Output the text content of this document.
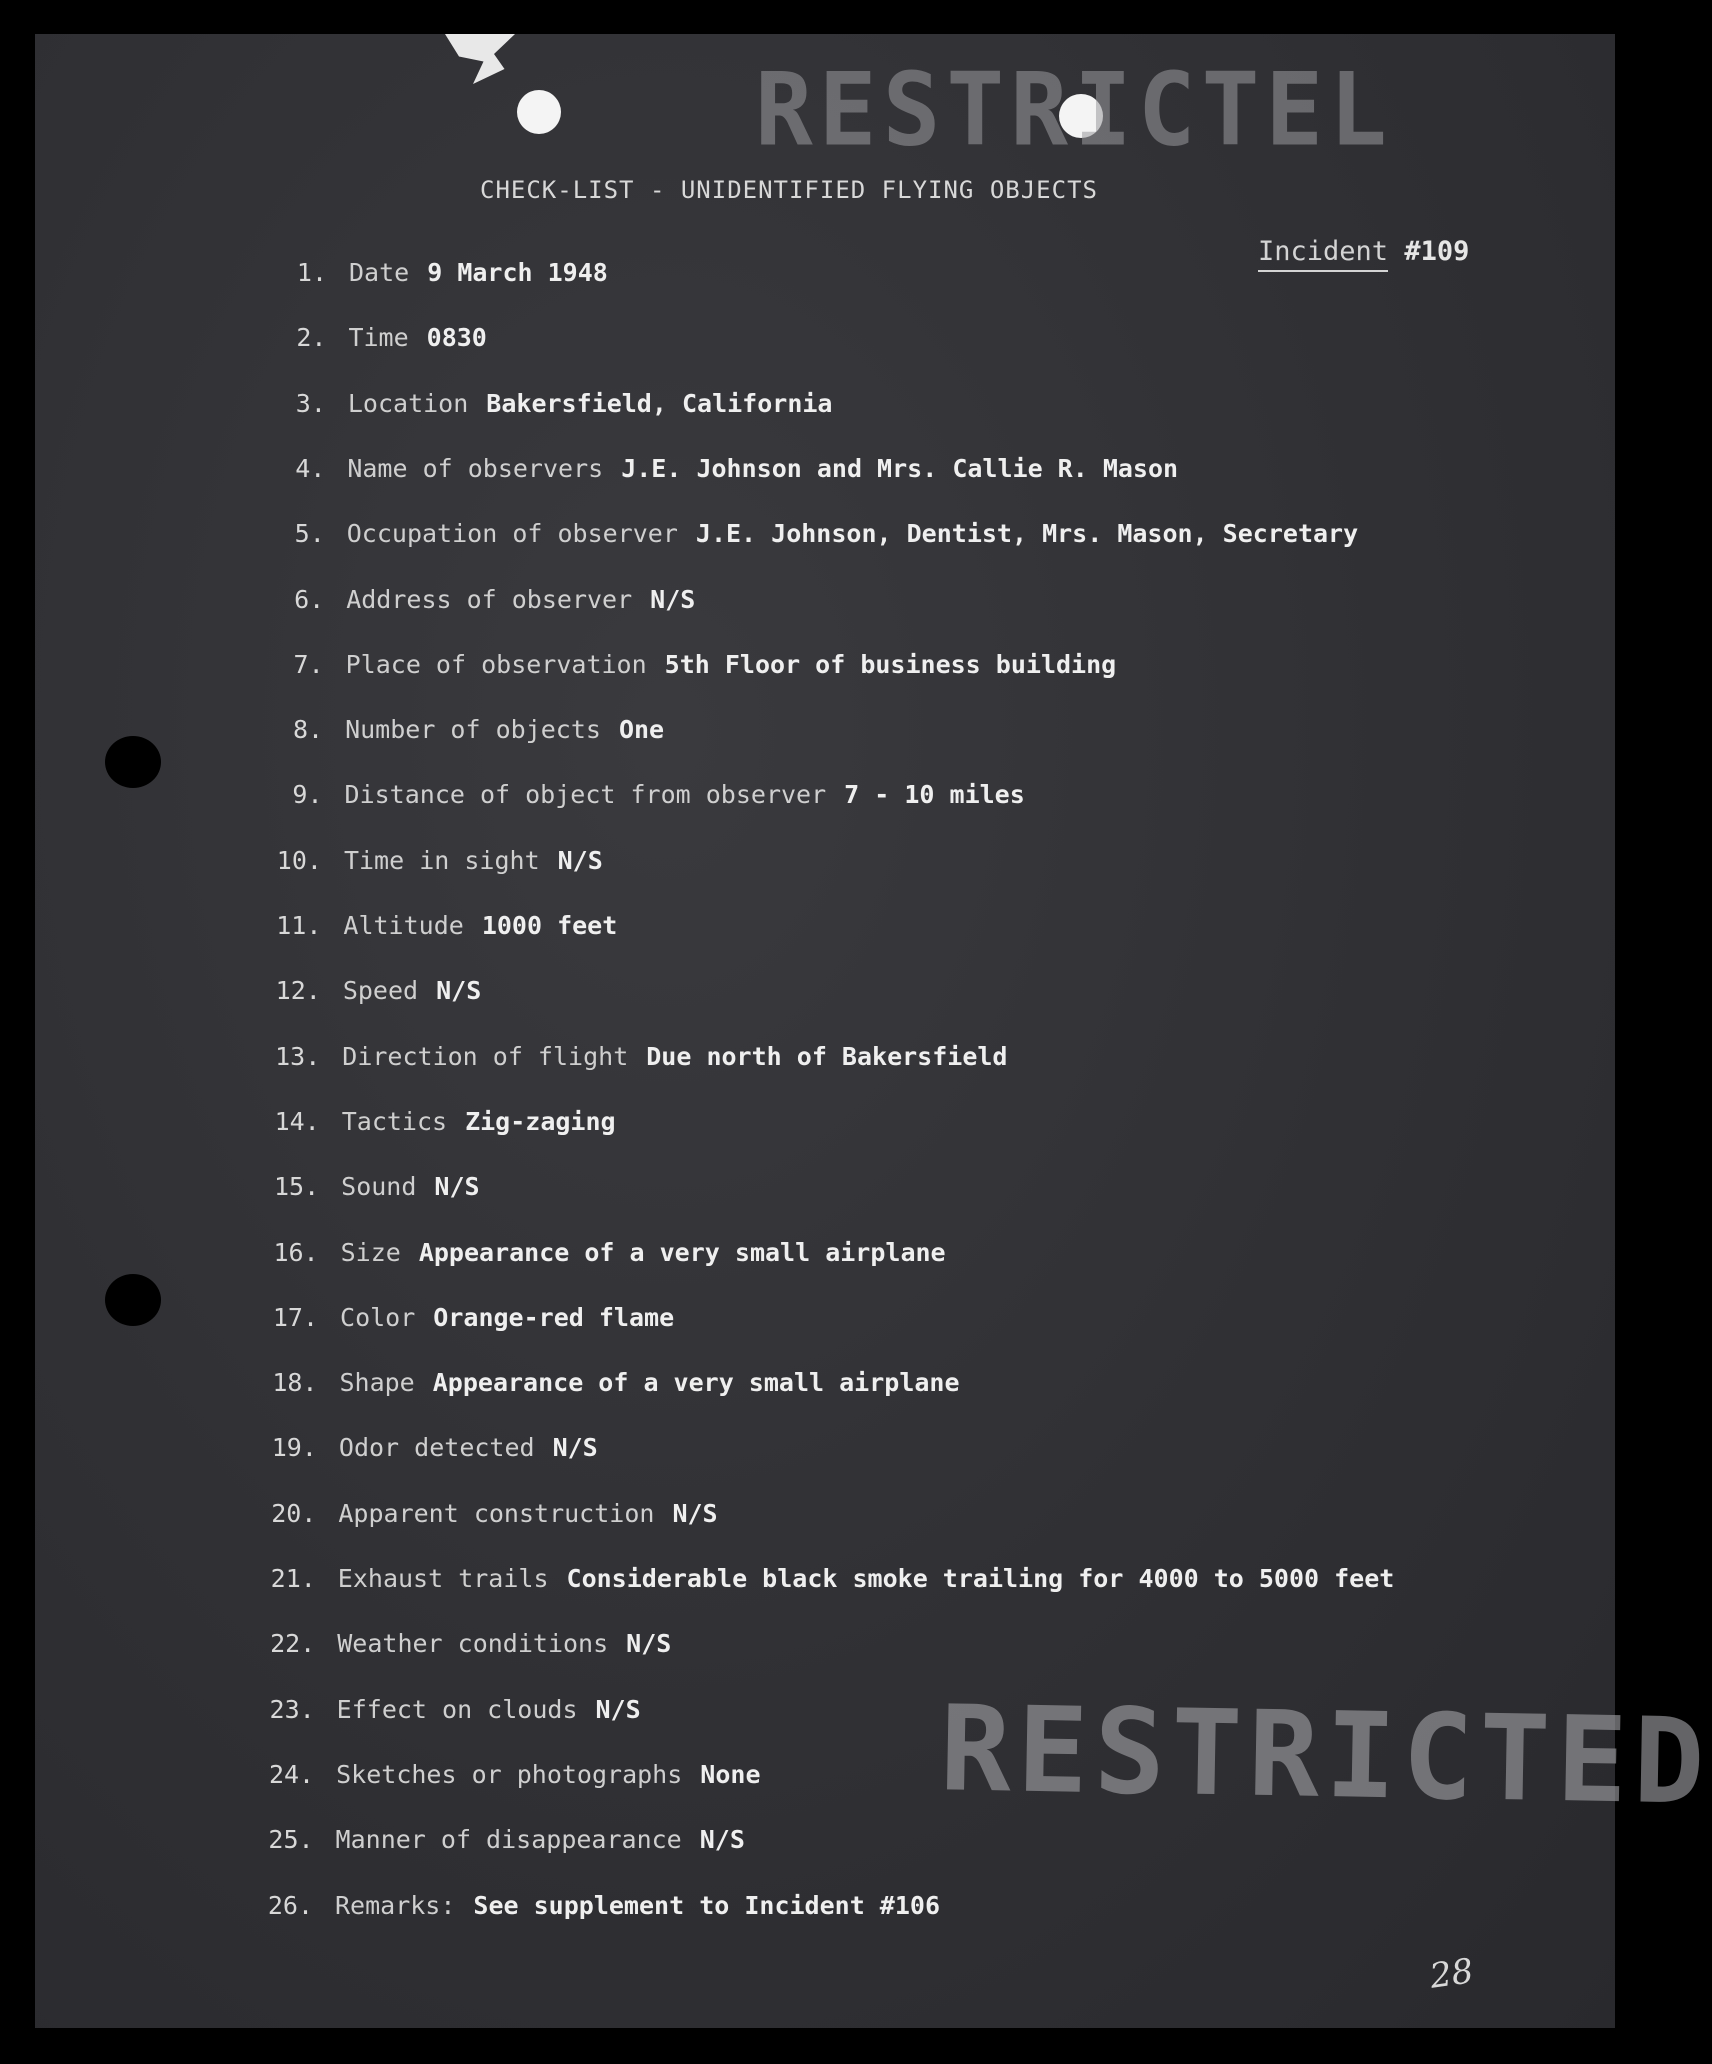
RESTRICTEL
CHECK-LIST - UNIDENTIFIED FLYING OBJECTS
Incident #109
1. Date 9 March 1948
2. Time 0830
3. Location Bakersfield, California
4. Name of observers J.E. Johnson and Mrs. Callie R. Mason
5. Occupation of observer J.E. Johnson, Dentist, Mrs. Mason, Secretary
6. Address of observer N/S
7. Place of observation 5th Floor of business building
8. Number of objects One
9. Distance of object from observer 7 - 10 miles
10. Time in sight N/S
11. Altitude 1000 feet
12. Speed N/S
13. Direction of flight Due north of Bakersfield
14. Tactics Zig-zaging
15. Sound N/S
16. Size Appearance of a very small airplane
17. Color Orange-red flame
18. Shape Appearance of a very small airplane
19. Odor detected N/S
20. Apparent construction N/S
21. Exhaust trails Considerable black smoke trailing for 4000 to 5000 feet
22. Weather conditions N/S
23. Effect on clouds N/S
24. Sketches or photographs None
25. Manner of disappearance N/S
26. Remarks: See supplement to Incident #106
RESTRICTED
28
